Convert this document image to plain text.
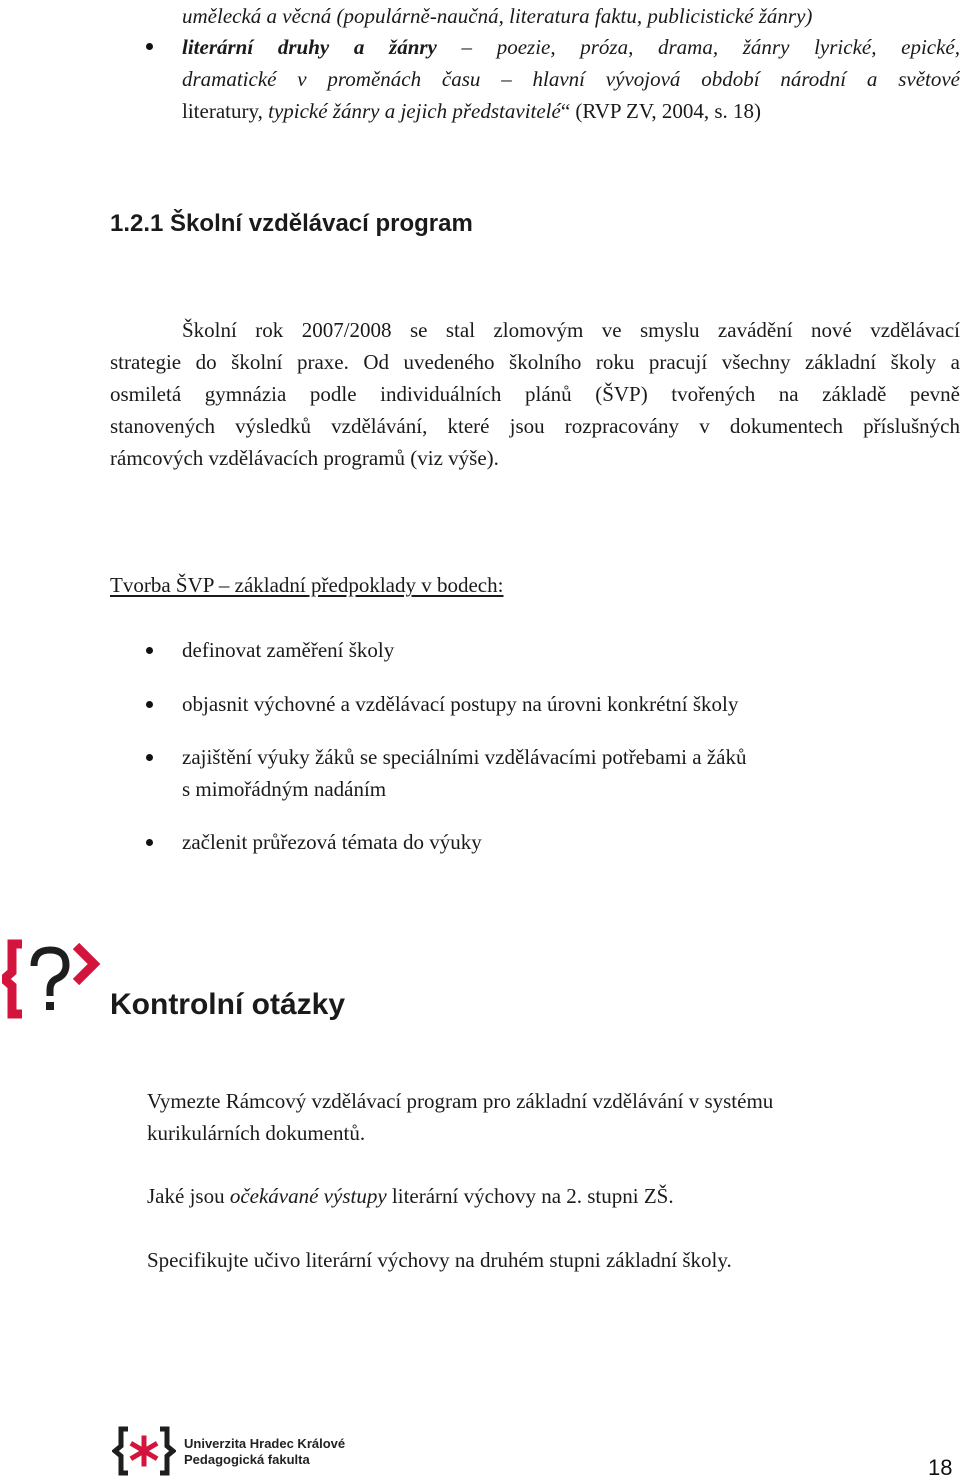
umělecká a věcná (populárně-naučná, literatura faktu, publicistické žánry)
literární druhy a žánry – poezie, próza, drama, žánry lyrické, epické,
dramatické v proměnách času – hlavní vývojová období národní a světové
literatury, typické žánry a jejich představitelé“ (RVP ZV, 2004, s. 18)
1.2.1 Školní vzdělávací program
Školní rok 2007/2008 se stal zlomovým ve smyslu zavádění nové vzdělávací
strategie do školní praxe. Od uvedeného školního roku pracují všechny základní školy a
osmiletá gymnázia podle individuálních plánů (ŠVP) tvořených na základě pevně
stanovených výsledků vzdělávání, které jsou rozpracovány v dokumentech příslušných
rámcových vzdělávacích programů (viz výše).
Tvorba ŠVP – základní předpoklady v bodech:
definovat zaměření školy
objasnit výchovné a vzdělávací postupy na úrovni konkrétní školy
zajištění výuky žáků se speciálními vzdělávacími potřebami a žáků
s mimořádným nadáním
začlenit průřezová témata do výuky
Kontrolní otázky
Vymezte Rámcový vzdělávací program pro základní vzdělávání v systému
kurikulárních dokumentů.
Jaké jsou očekávané výstupy literární výchovy na 2. stupni ZŠ.
Specifikujte učivo literární výchovy na druhém stupni základní školy.
Univerzita Hradec Králové
Pedagogická fakulta	18
